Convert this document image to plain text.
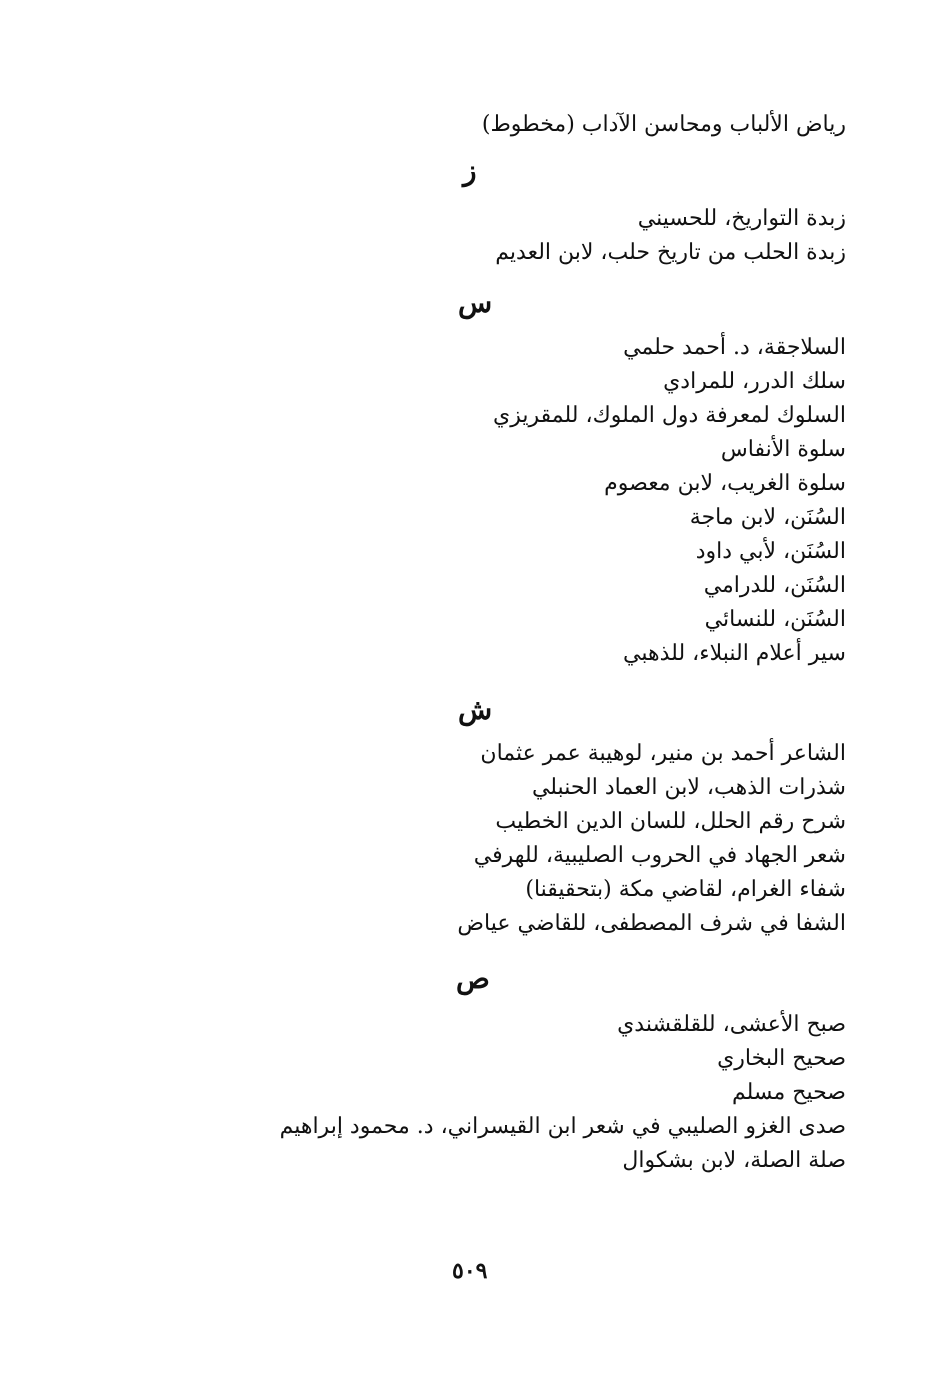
رياض الألباب ومحاسن الآداب (مخطوط)
ز
زبدة التواريخ، للحسيني
زبدة الحلب من تاريخ حلب، لابن العديم
س
السلاجقة، د. أحمد حلمي
سلك الدرر، للمرادي
السلوك لمعرفة دول الملوك، للمقريزي
سلوة الأنفاس
سلوة الغريب، لابن معصوم
السُنَن، لابن ماجة
السُنَن، لأبي داود
السُنَن، للدرامي
السُنَن، للنسائي
سير أعلام النبلاء، للذهبي
ش
الشاعر أحمد بن منير، لوهيبة عمر عثمان
شذرات الذهب، لابن العماد الحنبلي
شرح رقم الحلل، للسان الدين الخطيب
شعر الجهاد في الحروب الصليبية، للهرفي
شفاء الغرام، لقاضي مكة (بتحقيقنا)
الشفا في شرف المصطفى، للقاضي عياض
ص
صبح الأعشى، للقلقشندي
صحيح البخاري
صحيح مسلم
صدى الغزو الصليبي في شعر ابن القيسراني، د. محمود إبراهيم
صلة الصلة، لابن بشكوال
٥٠٩
